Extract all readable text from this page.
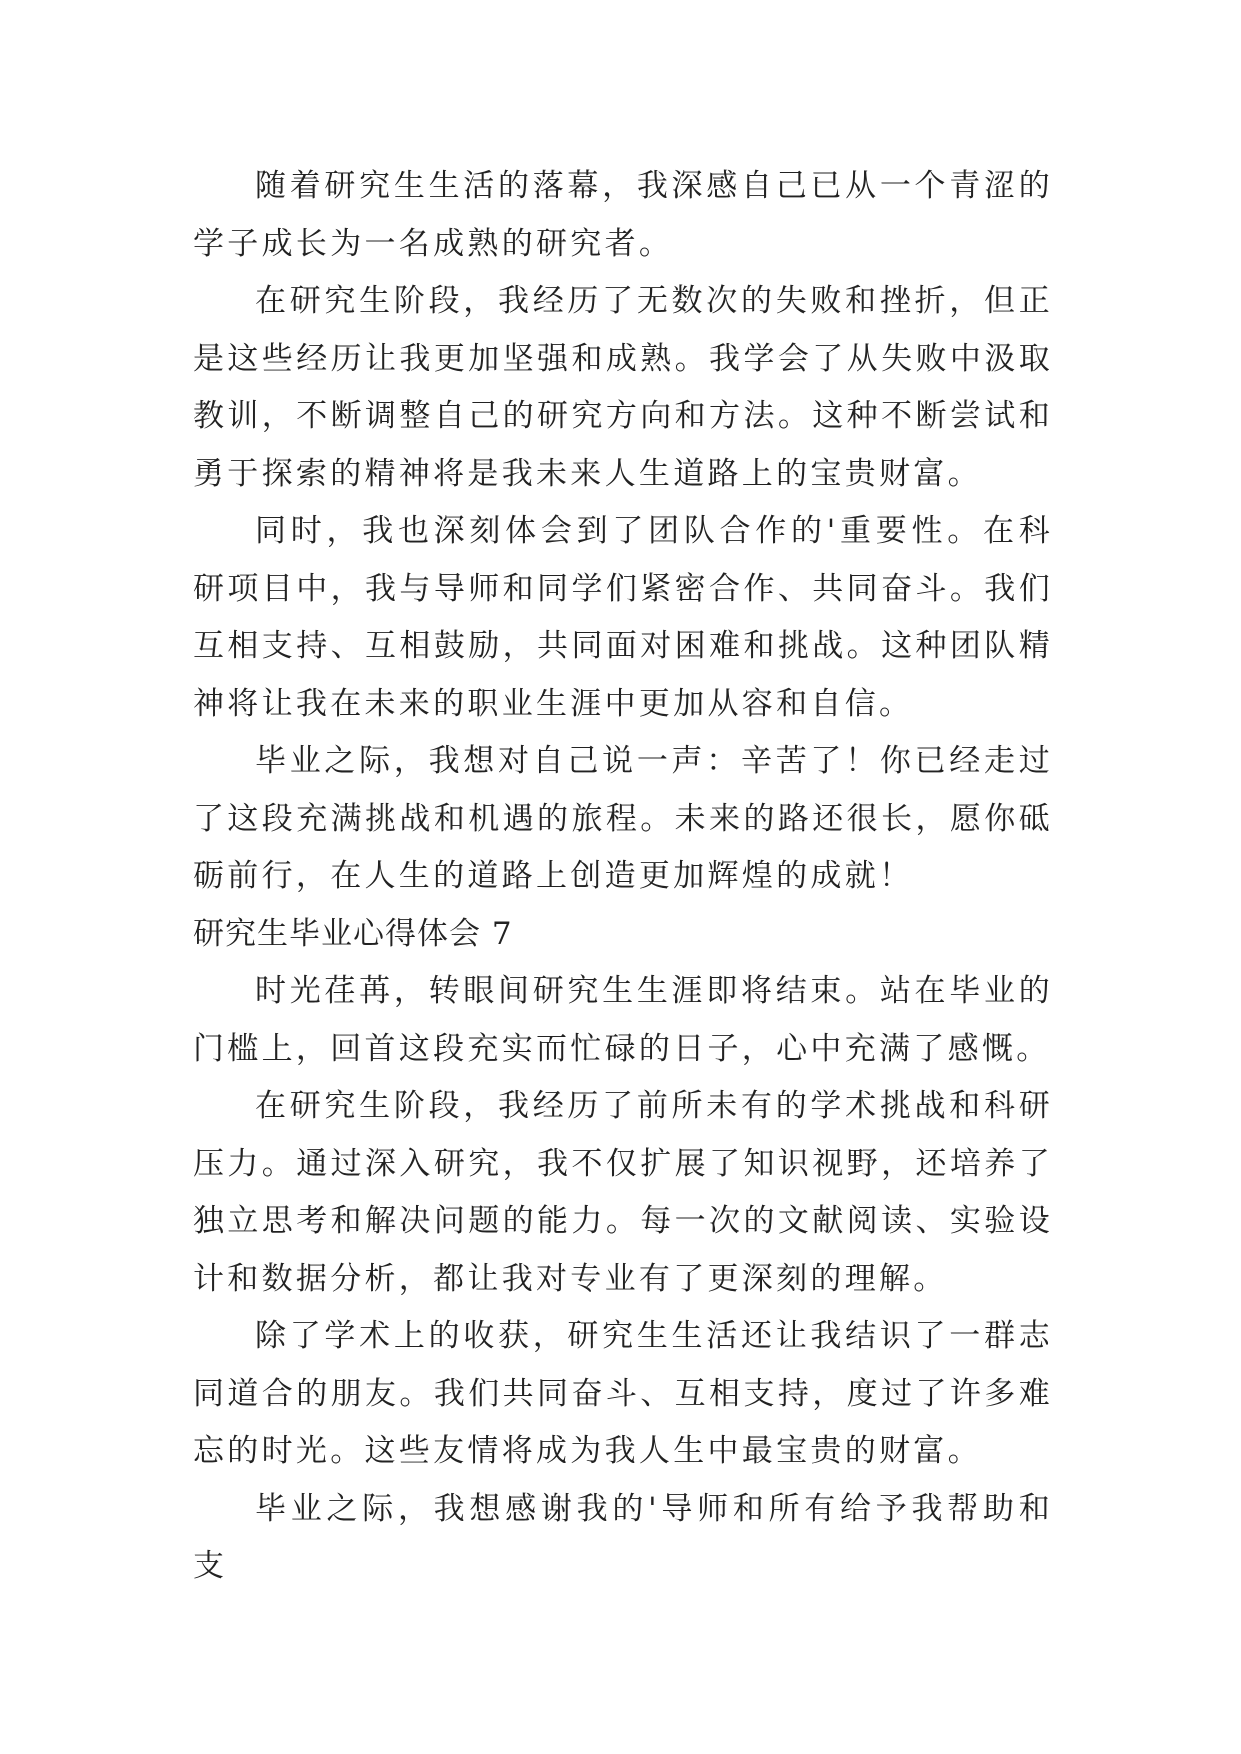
随着研究生生活的落幕，我深感自己已从一个青涩的学子成长为一名成熟的研究者。

在研究生阶段，我经历了无数次的失败和挫折，但正是这些经历让我更加坚强和成熟。我学会了从失败中汲取教训，不断调整自己的研究方向和方法。这种不断尝试和勇于探索的精神将是我未来人生道路上的宝贵财富。

同时，我也深刻体会到了团队合作的'重要性。在科研项目中，我与导师和同学们紧密合作、共同奋斗。我们互相支持、互相鼓励，共同面对困难和挑战。这种团队精神将让我在未来的职业生涯中更加从容和自信。

毕业之际，我想对自己说一声：辛苦了！你已经走过了这段充满挑战和机遇的旅程。未来的路还很长，愿你砥砺前行，在人生的道路上创造更加辉煌的成就！

研究生毕业心得体会 7

时光荏苒，转眼间研究生生涯即将结束。站在毕业的门槛上，回首这段充实而忙碌的日子，心中充满了感慨。

在研究生阶段，我经历了前所未有的学术挑战和科研压力。通过深入研究，我不仅扩展了知识视野，还培养了独立思考和解决问题的能力。每一次的文献阅读、实验设计和数据分析，都让我对专业有了更深刻的理解。

除了学术上的收获，研究生生活还让我结识了一群志同道合的朋友。我们共同奋斗、互相支持，度过了许多难忘的时光。这些友情将成为我人生中最宝贵的财富。

毕业之际，我想感谢我的'导师和所有给予我帮助和支
